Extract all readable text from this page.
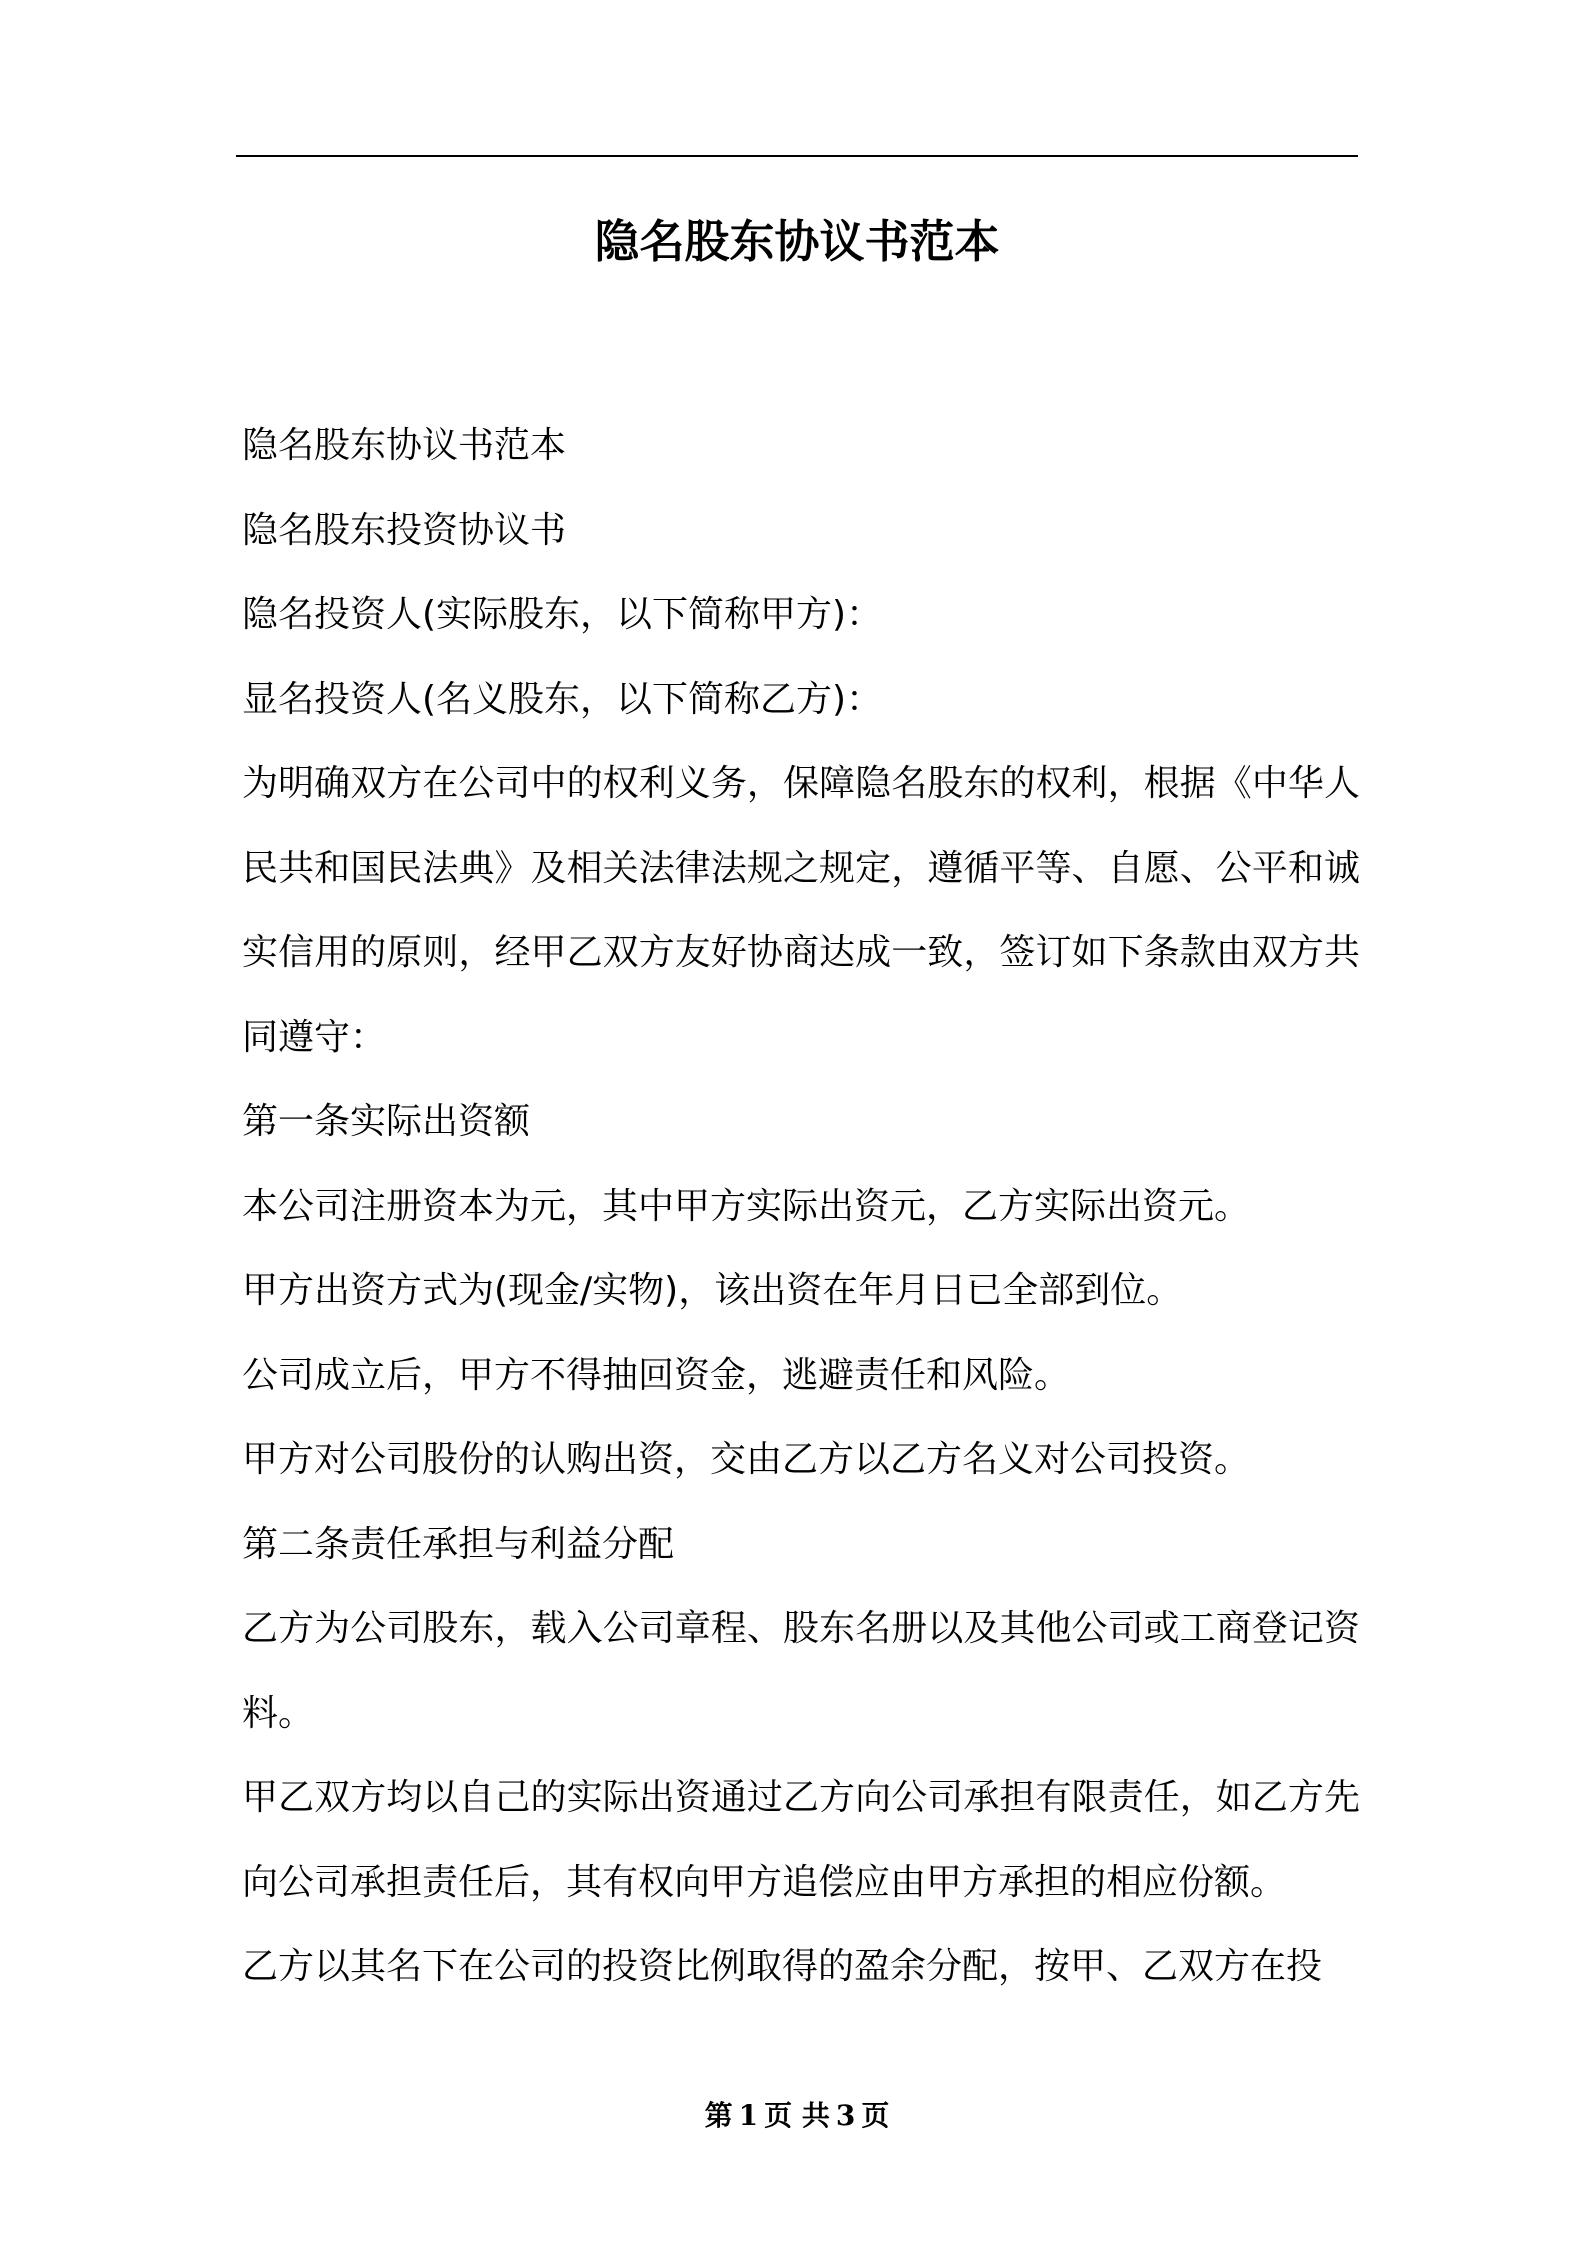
隐名股东协议书范本

隐名股东协议书范本

隐名股东投资协议书

隐名投资人(实际股东，以下简称甲方)：

显名投资人(名义股东，以下简称乙方)：

为明确双方在公司中的权利义务，保障隐名股东的权利，根据《中华人民共和国民法典》及相关法律法规之规定，遵循平等、自愿、公平和诚实信用的原则，经甲乙双方友好协商达成一致，签订如下条款由双方共同遵守：

第一条实际出资额

本公司注册资本为元，其中甲方实际出资元，乙方实际出资元。

甲方出资方式为(现金/实物)，该出资在年月日已全部到位。

公司成立后，甲方不得抽回资金，逃避责任和风险。

甲方对公司股份的认购出资，交由乙方以乙方名义对公司投资。

第二条责任承担与利益分配

乙方为公司股东，载入公司章程、股东名册以及其他公司或工商登记资料。

甲乙双方均以自己的实际出资通过乙方向公司承担有限责任，如乙方先向公司承担责任后，其有权向甲方追偿应由甲方承担的相应份额。

乙方以其名下在公司的投资比例取得的盈余分配，按甲、乙双方在投

第 1 页 共 3 页
